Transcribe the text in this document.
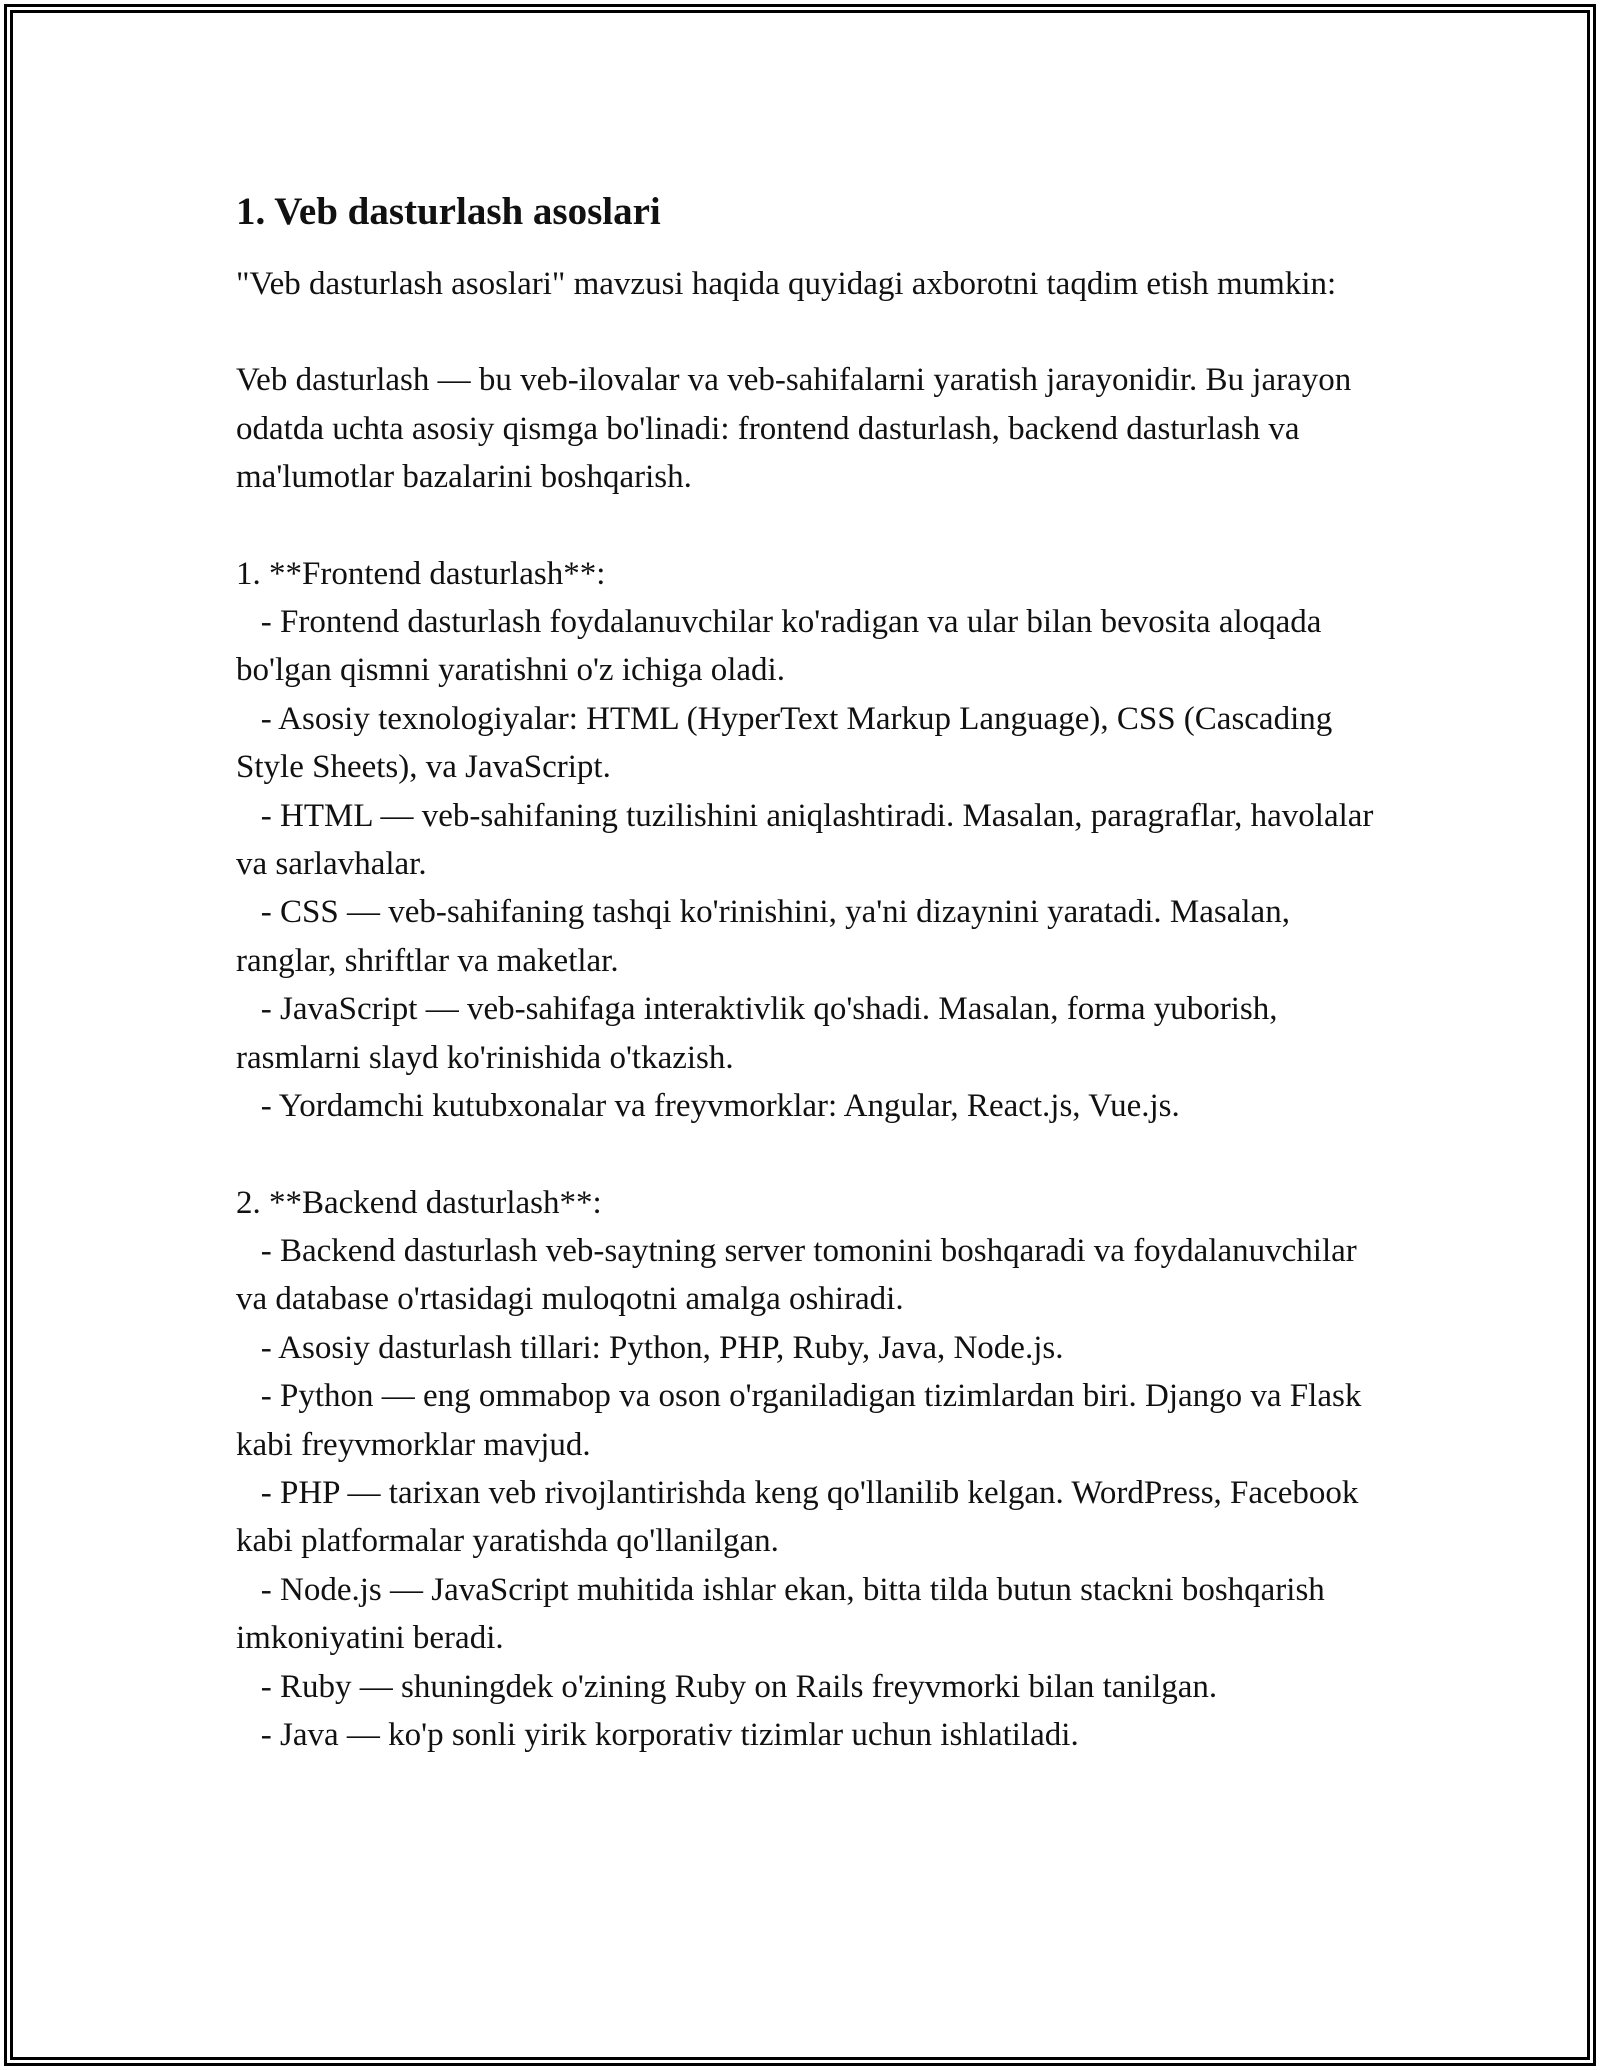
1. Veb dasturlash asoslari

"Veb dasturlash asoslari" mavzusi haqida quyidagi axborotni taqdim etish mumkin:

Veb dasturlash — bu veb-ilovalar va veb-sahifalarni yaratish jarayonidir. Bu jarayon odatda uchta asosiy qismga bo'linadi: frontend dasturlash, backend dasturlash va ma'lumotlar bazalarini boshqarish.

1. **Frontend dasturlash**:

- Frontend dasturlash foydalanuvchilar ko'radigan va ular bilan bevosita aloqada bo'lgan qismni yaratishni o'z ichiga oladi.

- Asosiy texnologiyalar: HTML (HyperText Markup Language), CSS (Cascading Style Sheets), va JavaScript.

- HTML — veb-sahifaning tuzilishini aniqlashtiradi. Masalan, paragraflar, havolalar va sarlavhalar.

- CSS — veb-sahifaning tashqi ko'rinishini, ya'ni dizaynini yaratadi. Masalan, ranglar, shriftlar va maketlar.

- JavaScript — veb-sahifaga interaktivlik qo'shadi. Masalan, forma yuborish, rasmlarni slayd ko'rinishida o'tkazish.

- Yordamchi kutubxonalar va freyvmorklar: Angular, React.js, Vue.js.

2. **Backend dasturlash**:

- Backend dasturlash veb-saytning server tomonini boshqaradi va foydalanuvchilar va database o'rtasidagi muloqotni amalga oshiradi.

- Asosiy dasturlash tillari: Python, PHP, Ruby, Java, Node.js.

- Python — eng ommabop va oson o'rganiladigan tizimlardan biri. Django va Flask kabi freyvmorklar mavjud.

- PHP — tarixan veb rivojlantirishda keng qo'llanilib kelgan. WordPress, Facebook kabi platformalar yaratishda qo'llanilgan.

- Node.js — JavaScript muhitida ishlar ekan, bitta tilda butun stackni boshqarish imkoniyatini beradi.

- Ruby — shuningdek o'zining Ruby on Rails freyvmorki bilan tanilgan.

- Java — ko'p sonli yirik korporativ tizimlar uchun ishlatiladi.
